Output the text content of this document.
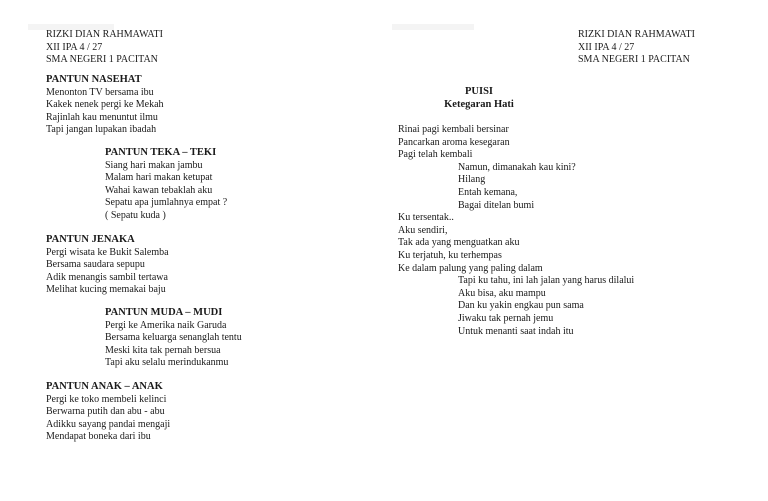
RIZKI DIAN RAHMAWATI
XII IPA 4 / 27
SMA NEGERI 1 PACITAN
RIZKI DIAN RAHMAWATI
XII IPA 4 / 27
SMA NEGERI 1 PACITAN
PANTUN NASEHAT
Menonton TV bersama ibu
Kakek nenek pergi ke Mekah
Rajinlah kau menuntut ilmu
Tapi jangan lupakan ibadah
PANTUN TEKA – TEKI
Siang hari makan jambu
Malam hari makan ketupat
Wahai kawan tebaklah aku
Sepatu apa jumlahnya empat ?
( Sepatu kuda )
PANTUN JENAKA
Pergi wisata ke Bukit Salemba
Bersama saudara sepupu
Adik menangis sambil tertawa
Melihat kucing memakai baju
PANTUN MUDA – MUDI
Pergi ke Amerika naik Garuda
Bersama keluarga senanglah tentu
Meski kita tak pernah bersua
Tapi aku selalu merindukanmu
PANTUN ANAK – ANAK
Pergi ke toko membeli kelinci
Berwarna putih dan abu - abu
Adikku sayang pandai mengaji
Mendapat boneka dari ibu
PUISI
Ketegaran Hati
Rinai pagi kembali bersinar
Pancarkan aroma kesegaran
Pagi telah kembali
Namun, dimanakah kau kini?
Hilang
Entah kemana,
Bagai ditelan bumi
Ku tersentak..
Aku sendiri,
Tak ada yang menguatkan aku
Ku terjatuh, ku terhempas
Ke dalam palung yang paling dalam
Tapi ku tahu, ini lah jalan yang harus dilalui
Aku bisa, aku mampu
Dan ku yakin engkau pun sama
Jiwaku tak pernah jemu
Untuk menanti saat indah itu
